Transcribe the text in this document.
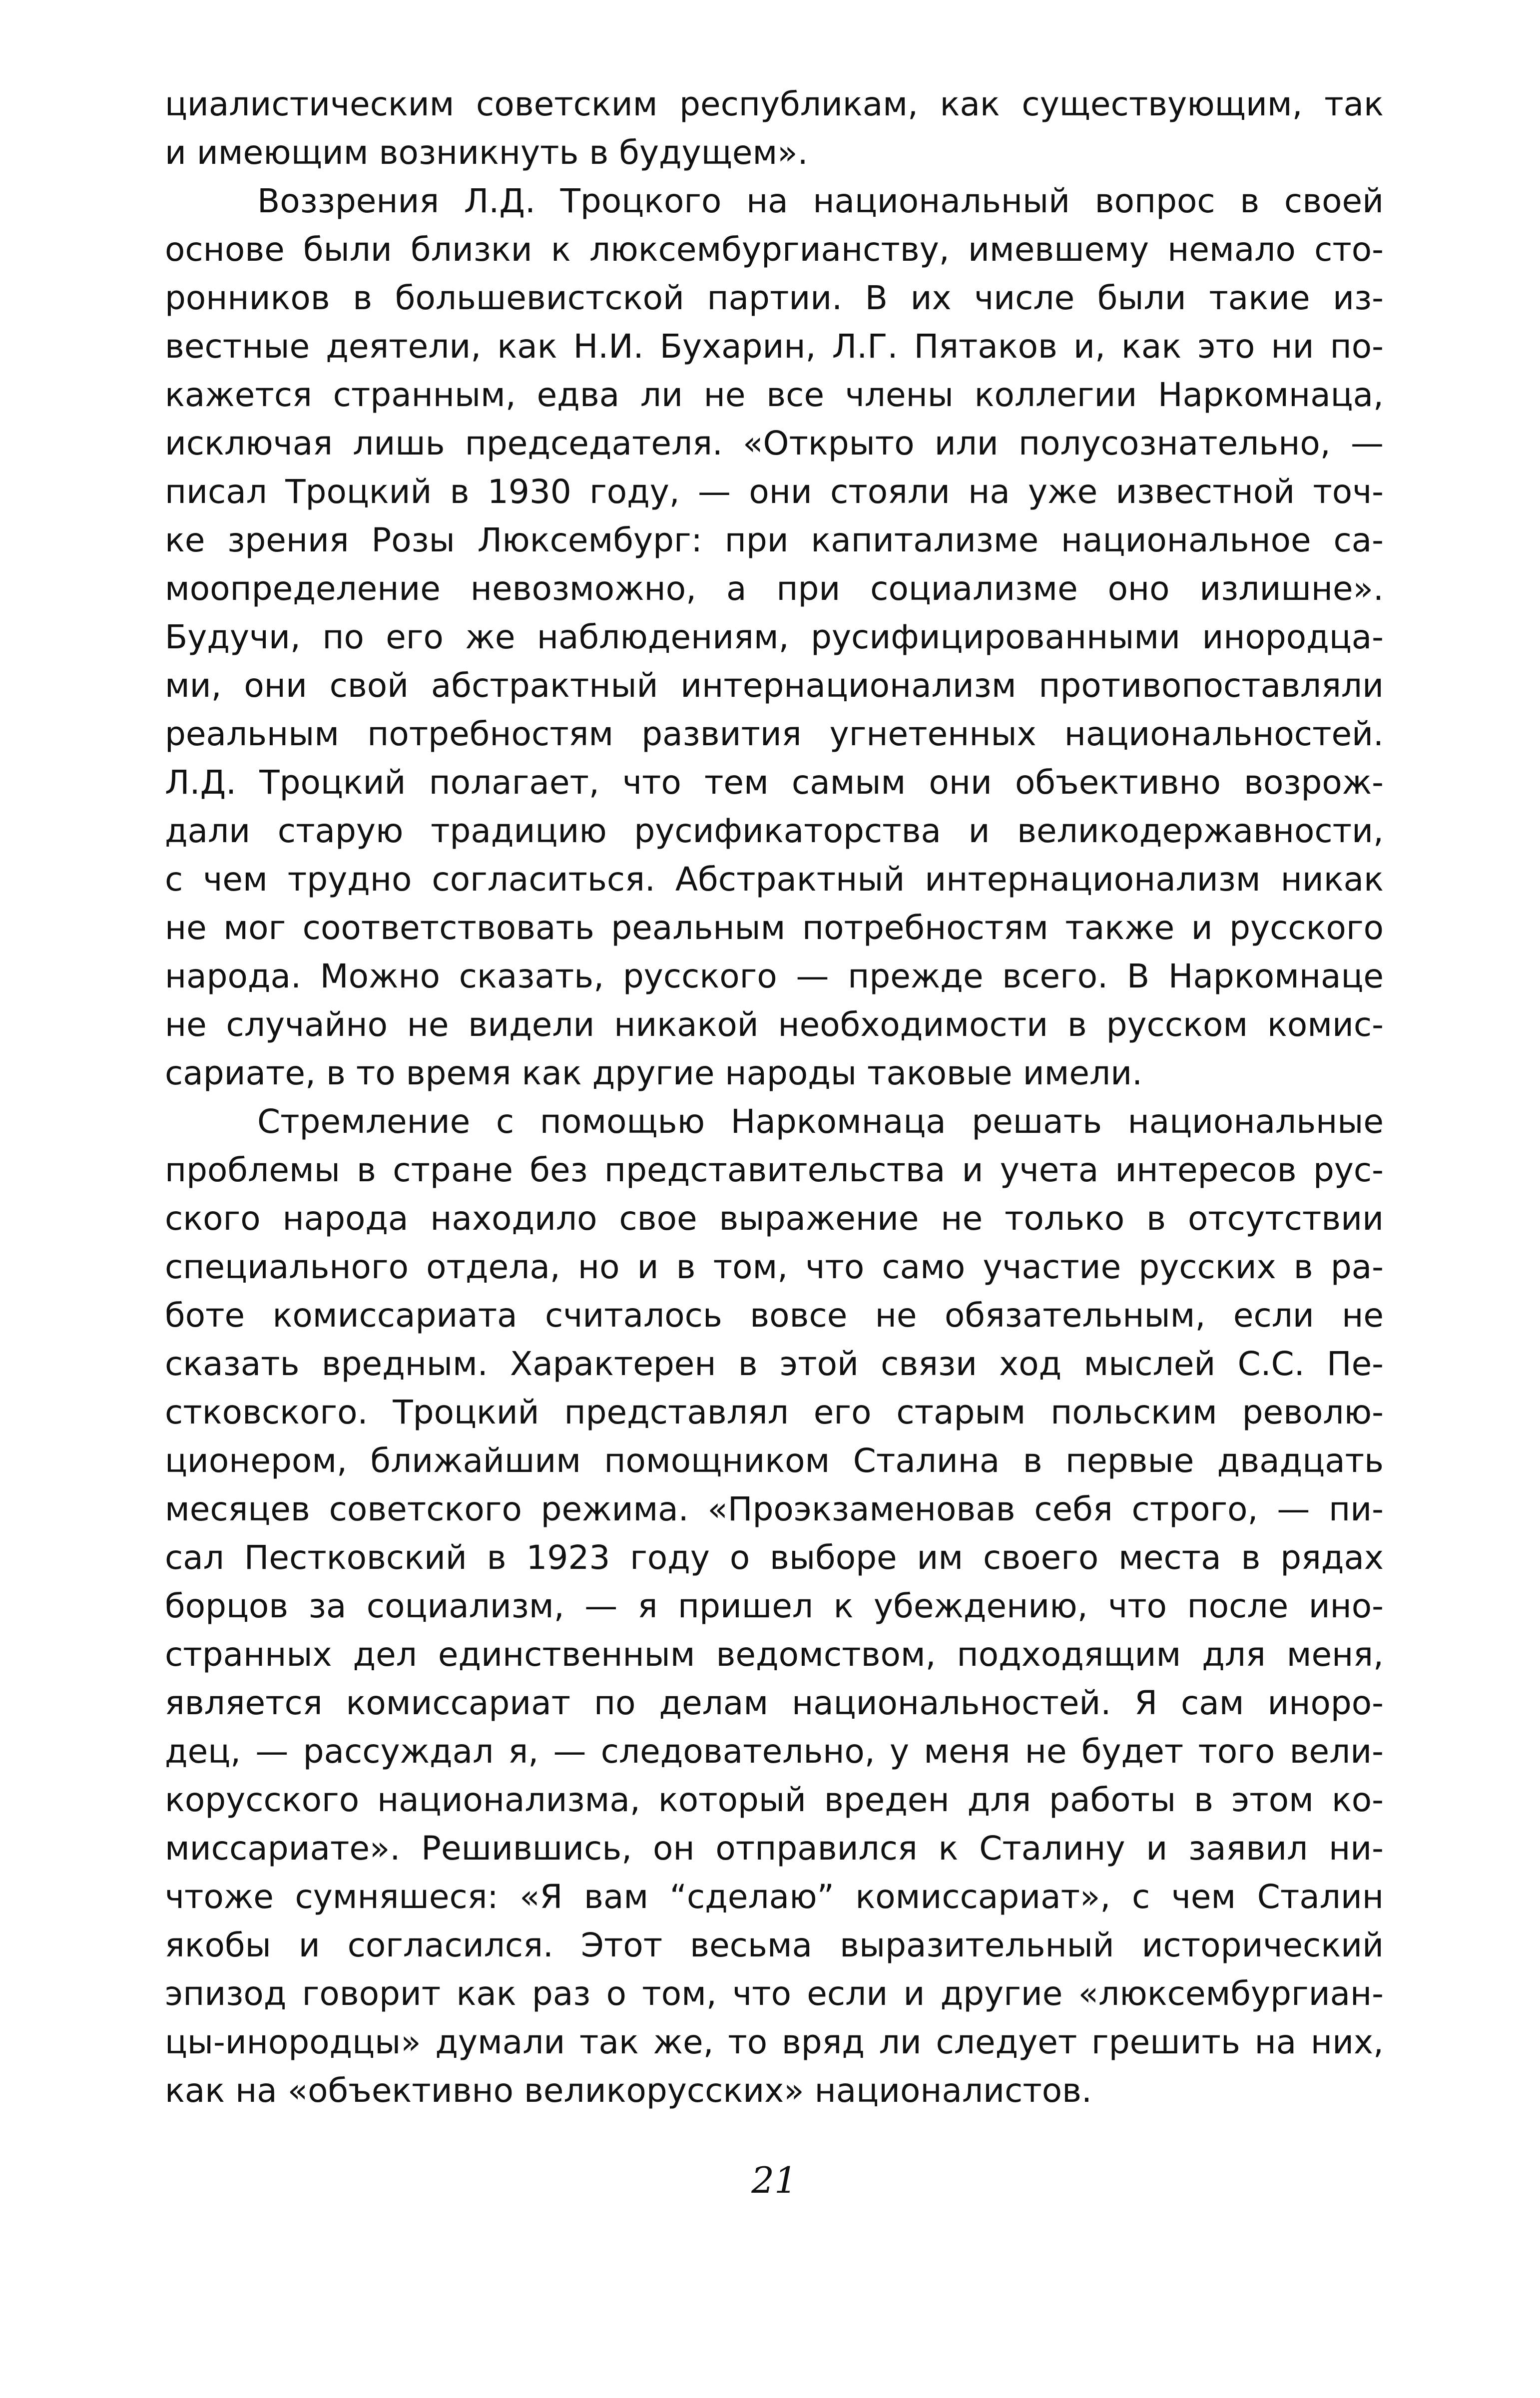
циалистическим советским республикам, как существующим, так
и имеющим возникнуть в будущем».
Воззрения Л.Д. Троцкого на национальный вопрос в своей
основе были близки к люксембургианству, имевшему немало сто-
ронников в большевистской партии. В их числе были такие из-
вестные деятели, как Н.И. Бухарин, Л.Г. Пятаков и, как это ни по-
кажется странным, едва ли не все члены коллегии Наркомнаца,
исключая лишь председателя. «Открыто или полусознательно, —
писал Троцкий в 1930 году, — они стояли на уже известной точ-
ке зрения Розы Люксембург: при капитализме национальное са-
моопределение невозможно, а при социализме оно излишне».
Будучи, по его же наблюдениям, русифицированными инородца-
ми, они свой абстрактный интернационализм противопоставляли
реальным потребностям развития угнетенных национальностей.
Л.Д. Троцкий полагает, что тем самым они объективно возрож-
дали старую традицию русификаторства и великодержавности,
с чем трудно согласиться. Абстрактный интернационализм никак
не мог соответствовать реальным потребностям также и русского
народа. Можно сказать, русского — прежде всего. В Наркомнаце
не случайно не видели никакой необходимости в русском комис-
сариате, в то время как другие народы таковые имели.
Стремление с помощью Наркомнаца решать национальные
проблемы в стране без представительства и учета интересов рус-
ского народа находило свое выражение не только в отсутствии
специального отдела, но и в том, что само участие русских в ра-
боте комиссариата считалось вовсе не обязательным, если не
сказать вредным. Характерен в этой связи ход мыслей С.С. Пе-
стковского. Троцкий представлял его старым польским револю-
ционером, ближайшим помощником Сталина в первые двадцать
месяцев советского режима. «Проэкзаменовав себя строго, — пи-
сал Пестковский в 1923 году о выборе им своего места в рядах
борцов за социализм, — я пришел к убеждению, что после ино-
странных дел единственным ведомством, подходящим для меня,
является комиссариат по делам национальностей. Я сам иноро-
дец, — рассуждал я, — следовательно, у меня не будет того вели-
корусского национализма, который вреден для работы в этом ко-
миссариате». Решившись, он отправился к Сталину и заявил ни-
чтоже сумняшеся: «Я вам “сделаю” комиссариат», с чем Сталин
якобы и согласился. Этот весьма выразительный исторический
эпизод говорит как раз о том, что если и другие «люксембургиан-
цы-инородцы» думали так же, то вряд ли следует грешить на них,
как на «объективно великорусских» националистов.
21
